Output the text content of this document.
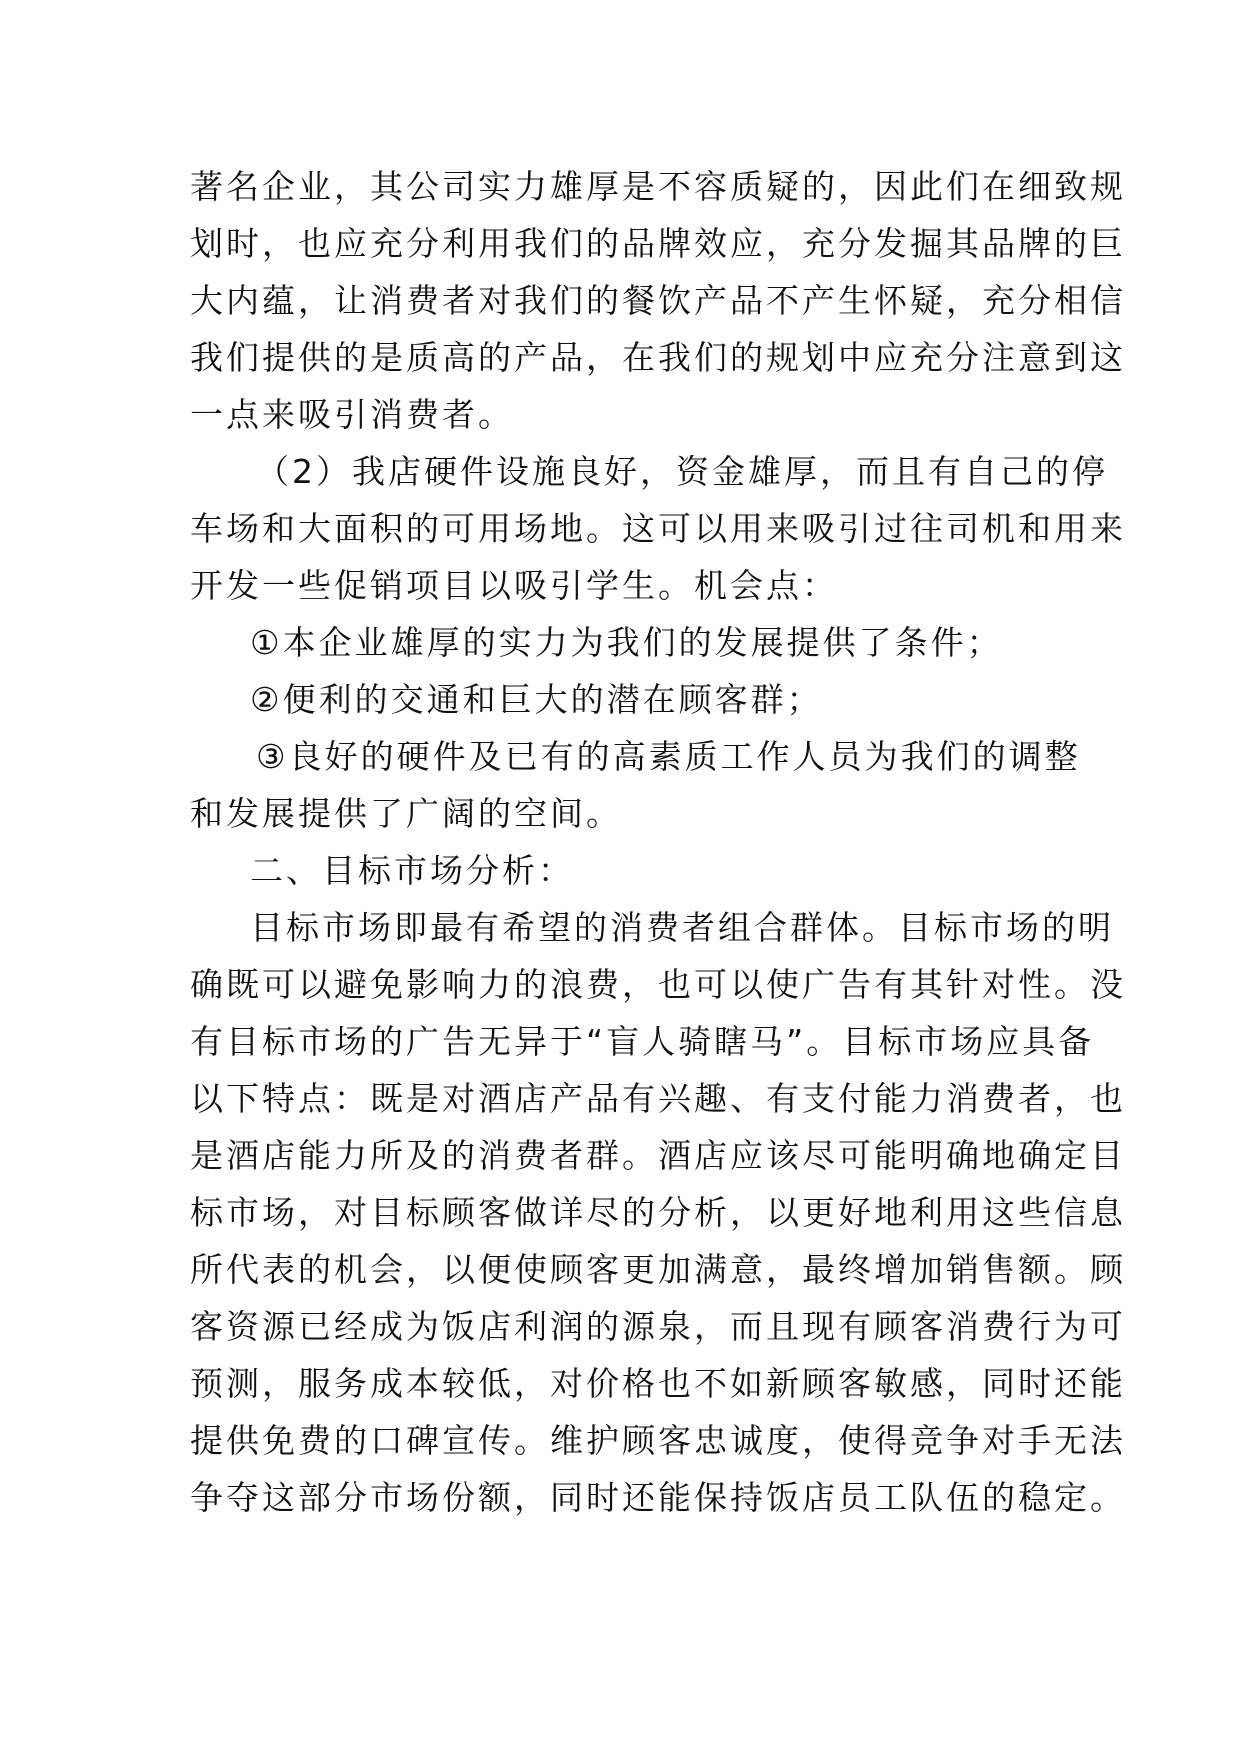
著名企业，其公司实力雄厚是不容质疑的，因此们在细致规
划时，也应充分利用我们的品牌效应，充分发掘其品牌的巨
大内蕴，让消费者对我们的餐饮产品不产生怀疑，充分相信
我们提供的是质高的产品，在我们的规划中应充分注意到这
一点来吸引消费者。
（2）我店硬件设施良好，资金雄厚，而且有自己的停
车场和大面积的可用场地。这可以用来吸引过往司机和用来
开发一些促销项目以吸引学生。机会点：
①本企业雄厚的实力为我们的发展提供了条件；
②便利的交通和巨大的潜在顾客群；
③良好的硬件及已有的高素质工作人员为我们的调整
和发展提供了广阔的空间。
二、目标市场分析：
目标市场即最有希望的消费者组合群体。目标市场的明
确既可以避免影响力的浪费，也可以使广告有其针对性。没
有目标市场的广告无异于“盲人骑瞎马”。目标市场应具备
以下特点：既是对酒店产品有兴趣、有支付能力消费者，也
是酒店能力所及的消费者群。酒店应该尽可能明确地确定目
标市场，对目标顾客做详尽的分析，以更好地利用这些信息
所代表的机会，以便使顾客更加满意，最终增加销售额。顾
客资源已经成为饭店利润的源泉，而且现有顾客消费行为可
预测，服务成本较低，对价格也不如新顾客敏感，同时还能
提供免费的口碑宣传。维护顾客忠诚度，使得竞争对手无法
争夺这部分市场份额，同时还能保持饭店员工队伍的稳定。
